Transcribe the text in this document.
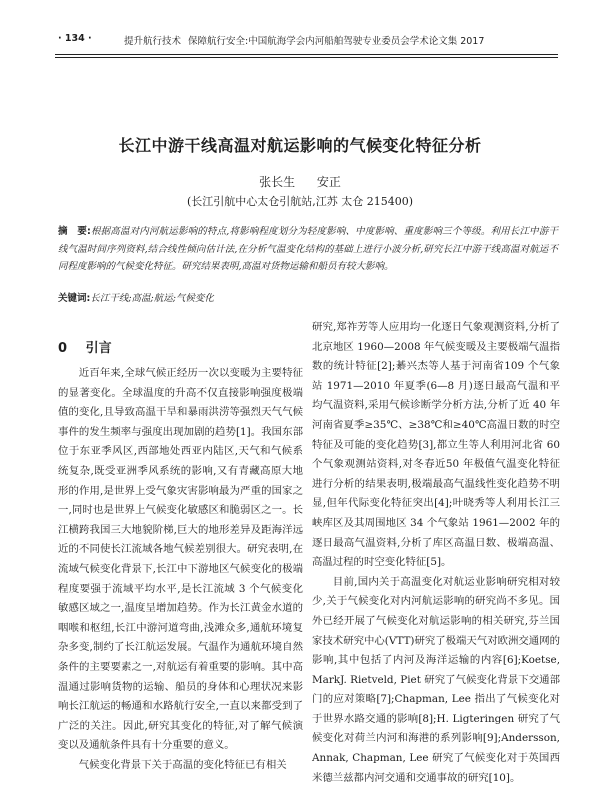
· 134 ·	提升航行技术 保障航行安全:中国航海学会内河船舶驾驶专业委员会学术论文集 2017
长江中游干线高温对航运影响的气候变化特征分析
张长生 安正
(长江引航中心太仓引航站,江苏 太仓 215400)
摘　要:根据高温对内河航运影响的特点,将影响程度划分为轻度影响、中度影响、重度影响三个等级。利用长江中游干线气温时间序列资料,结合线性倾向估计法,在分析气温变化结构的基础上进行小波分析,研究长江中游干线高温对航运不同程度影响的气候变化特征。研究结果表明,高温对货物运输和船员有较大影响。
关键词:长江干线;高温;航运;气候变化
0 引言

近百年来,全球气候正经历一次以变暖为主要特征的显著变化。全球温度的升高不仅直接影响强度极端值的变化,且导致高温干旱和暴雨洪涝等强烈天气气候事件的发生频率与强度出现加剧的趋势[1]。我国东部位于东亚季风区,西部地处西亚内陆区,天气和气候系统复杂,既受亚洲季风系统的影响,又有青藏高原大地形的作用,是世界上受气象灾害影响最为严重的国家之一,同时也是世界上气候变化敏感区和脆弱区之一。长江横跨我国三大地貌阶梯,巨大的地形差异及距海洋远近的不同使长江流域各地气候差别很大。研究表明,在流域气候变化背景下,长江中下游地区气候变化的极端程度要强于流域平均水平,是长江流域 3 个气候变化敏感区域之一,温度呈增加趋势。作为长江黄金水道的咽喉和枢纽,长江中游河道弯曲,浅滩众多,通航环境复杂多变,制约了长江航运发展。气温作为通航环境自然条件的主要要素之一,对航运有着重要的影响。其中高温通过影响货物的运输、船员的身体和心理状况来影响长江航运的畅通和水路航行安全,一直以来都受到了广泛的关注。因此,研究其变化的特征,对了解气候演变以及通航条件具有十分重要的意义。

气候变化背景下关于高温的变化特征已有相关

研究,郑祚芳等人应用均一化逐日气象观测资料,分析了北京地区 1960—2008 年气候变暖及主要极端气温指数的统计特征[2];綦兴杰等人基于河南省109 个气象站 1971—2010 年夏季(6—8 月)逐日最高气温和平均气温资料,采用气候诊断学分析方法,分析了近 40 年河南省夏季≥35℃、≥38℃和≥40℃高温日数的时空特征及可能的变化趋势[3],都立生等人利用河北省 60 个气象观测站资料,对冬春近50 年极值气温变化特征进行分析的结果表明,极端最高气温线性变化趋势不明显,但年代际变化特征突出[4];叶晓秀等人利用长江三峡库区及其周围地区 34 个气象站 1961—2002 年的逐日最高气温资料,分析了库区高温日数、极端高温、高温过程的时空变化特征[5]。

目前,国内关于高温变化对航运业影响研究相对较少,关于气候变化对内河航运影响的研究尚不多见。国外已经开展了气候变化对航运影响的相关研究,芬兰国家技术研究中心(VTT)研究了极端天气对欧洲交通网的影响,其中包括了内河及海洋运输的内容[6];Koetse, MarkJ. Rietveld, Piet 研究了气候变化背景下交通部门的应对策略[7];Chapman, Lee 指出了气候变化对于世界水路交通的影响[8];H. Ligteringen 研究了气候变化对荷兰内河和海港的系列影响[9];Andersson, Annak, Chapman, Lee 研究了气候变化对于英国西米德兰兹都内河交通和交通事故的研究[10]。
